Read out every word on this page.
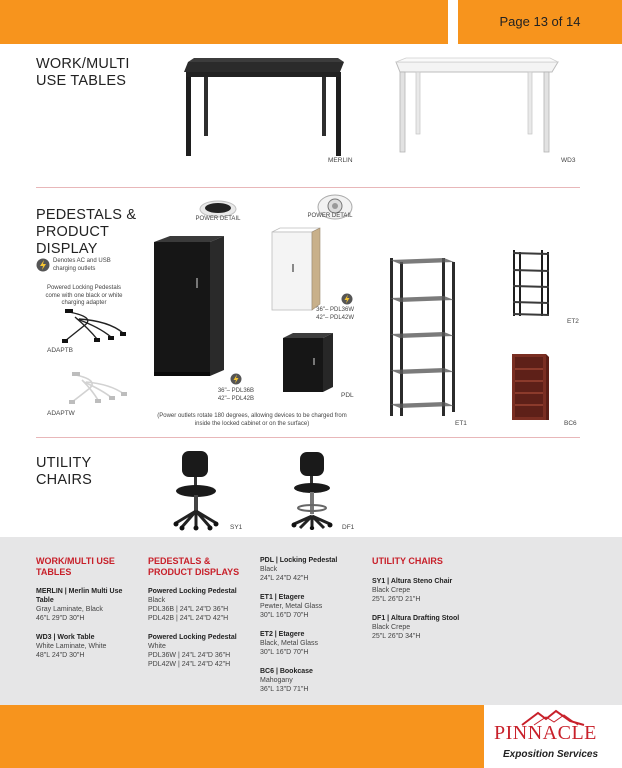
Page 13 of 14
WORK/MULTI
USE TABLES
MERLIN	WD3
PEDESTALS &
PRODUCT
DISPLAY
Denotes AC and USB
charging outlets
Powered Locking Pedestals
come with one black or white
charging adapter
ADAPTB
ADAPTW
POWER DETAIL	POWER DETAIL
36"– PDL36B
42"– PDL42B
36"– PDL36W
42"– PDL42W
PDL
(Power outlets rotate 180 degrees, allowing devices to be charged from
inside the locked cabinet or on the surface)	ET1
ET2
BC6
UTILITY
CHAIRS
SY1	DF1
WORK/MULTI USE
TABLES
MERLIN | Merlin Multi Use
Table
Gray Laminate, Black
46"L 29"D 30"H
WD3 | Work Table
White Laminate, White
48"L 24"D 30"H
PEDESTALS &
PRODUCT DISPLAYS
Powered Locking Pedestal
Black
PDL36B | 24"L 24"D 36"H
PDL42B | 24"L 24"D 42"H
Powered Locking Pedestal
White
PDL36W | 24"L 24"D 36"H
PDL42W | 24"L 24"D 42"H
PDL | Locking Pedestal
Black
24"L 24"D 42"H
ET1 | Etagere
Pewter, Metal Glass
30"L 16"D 70"H
ET2 | Etagere
Black, Metal Glass
30"L 16"D 70"H
BC6 | Bookcase
Mahogany
36"L 13"D 71"H
UTILITY CHAIRS
SY1 | Altura Steno Chair
Black Crepe
25"L 26"D 21"H
DF1 | Altura Drafting Stool
Black Crepe
25"L 26"D 34"H
PINNACLE
Exposition Services
